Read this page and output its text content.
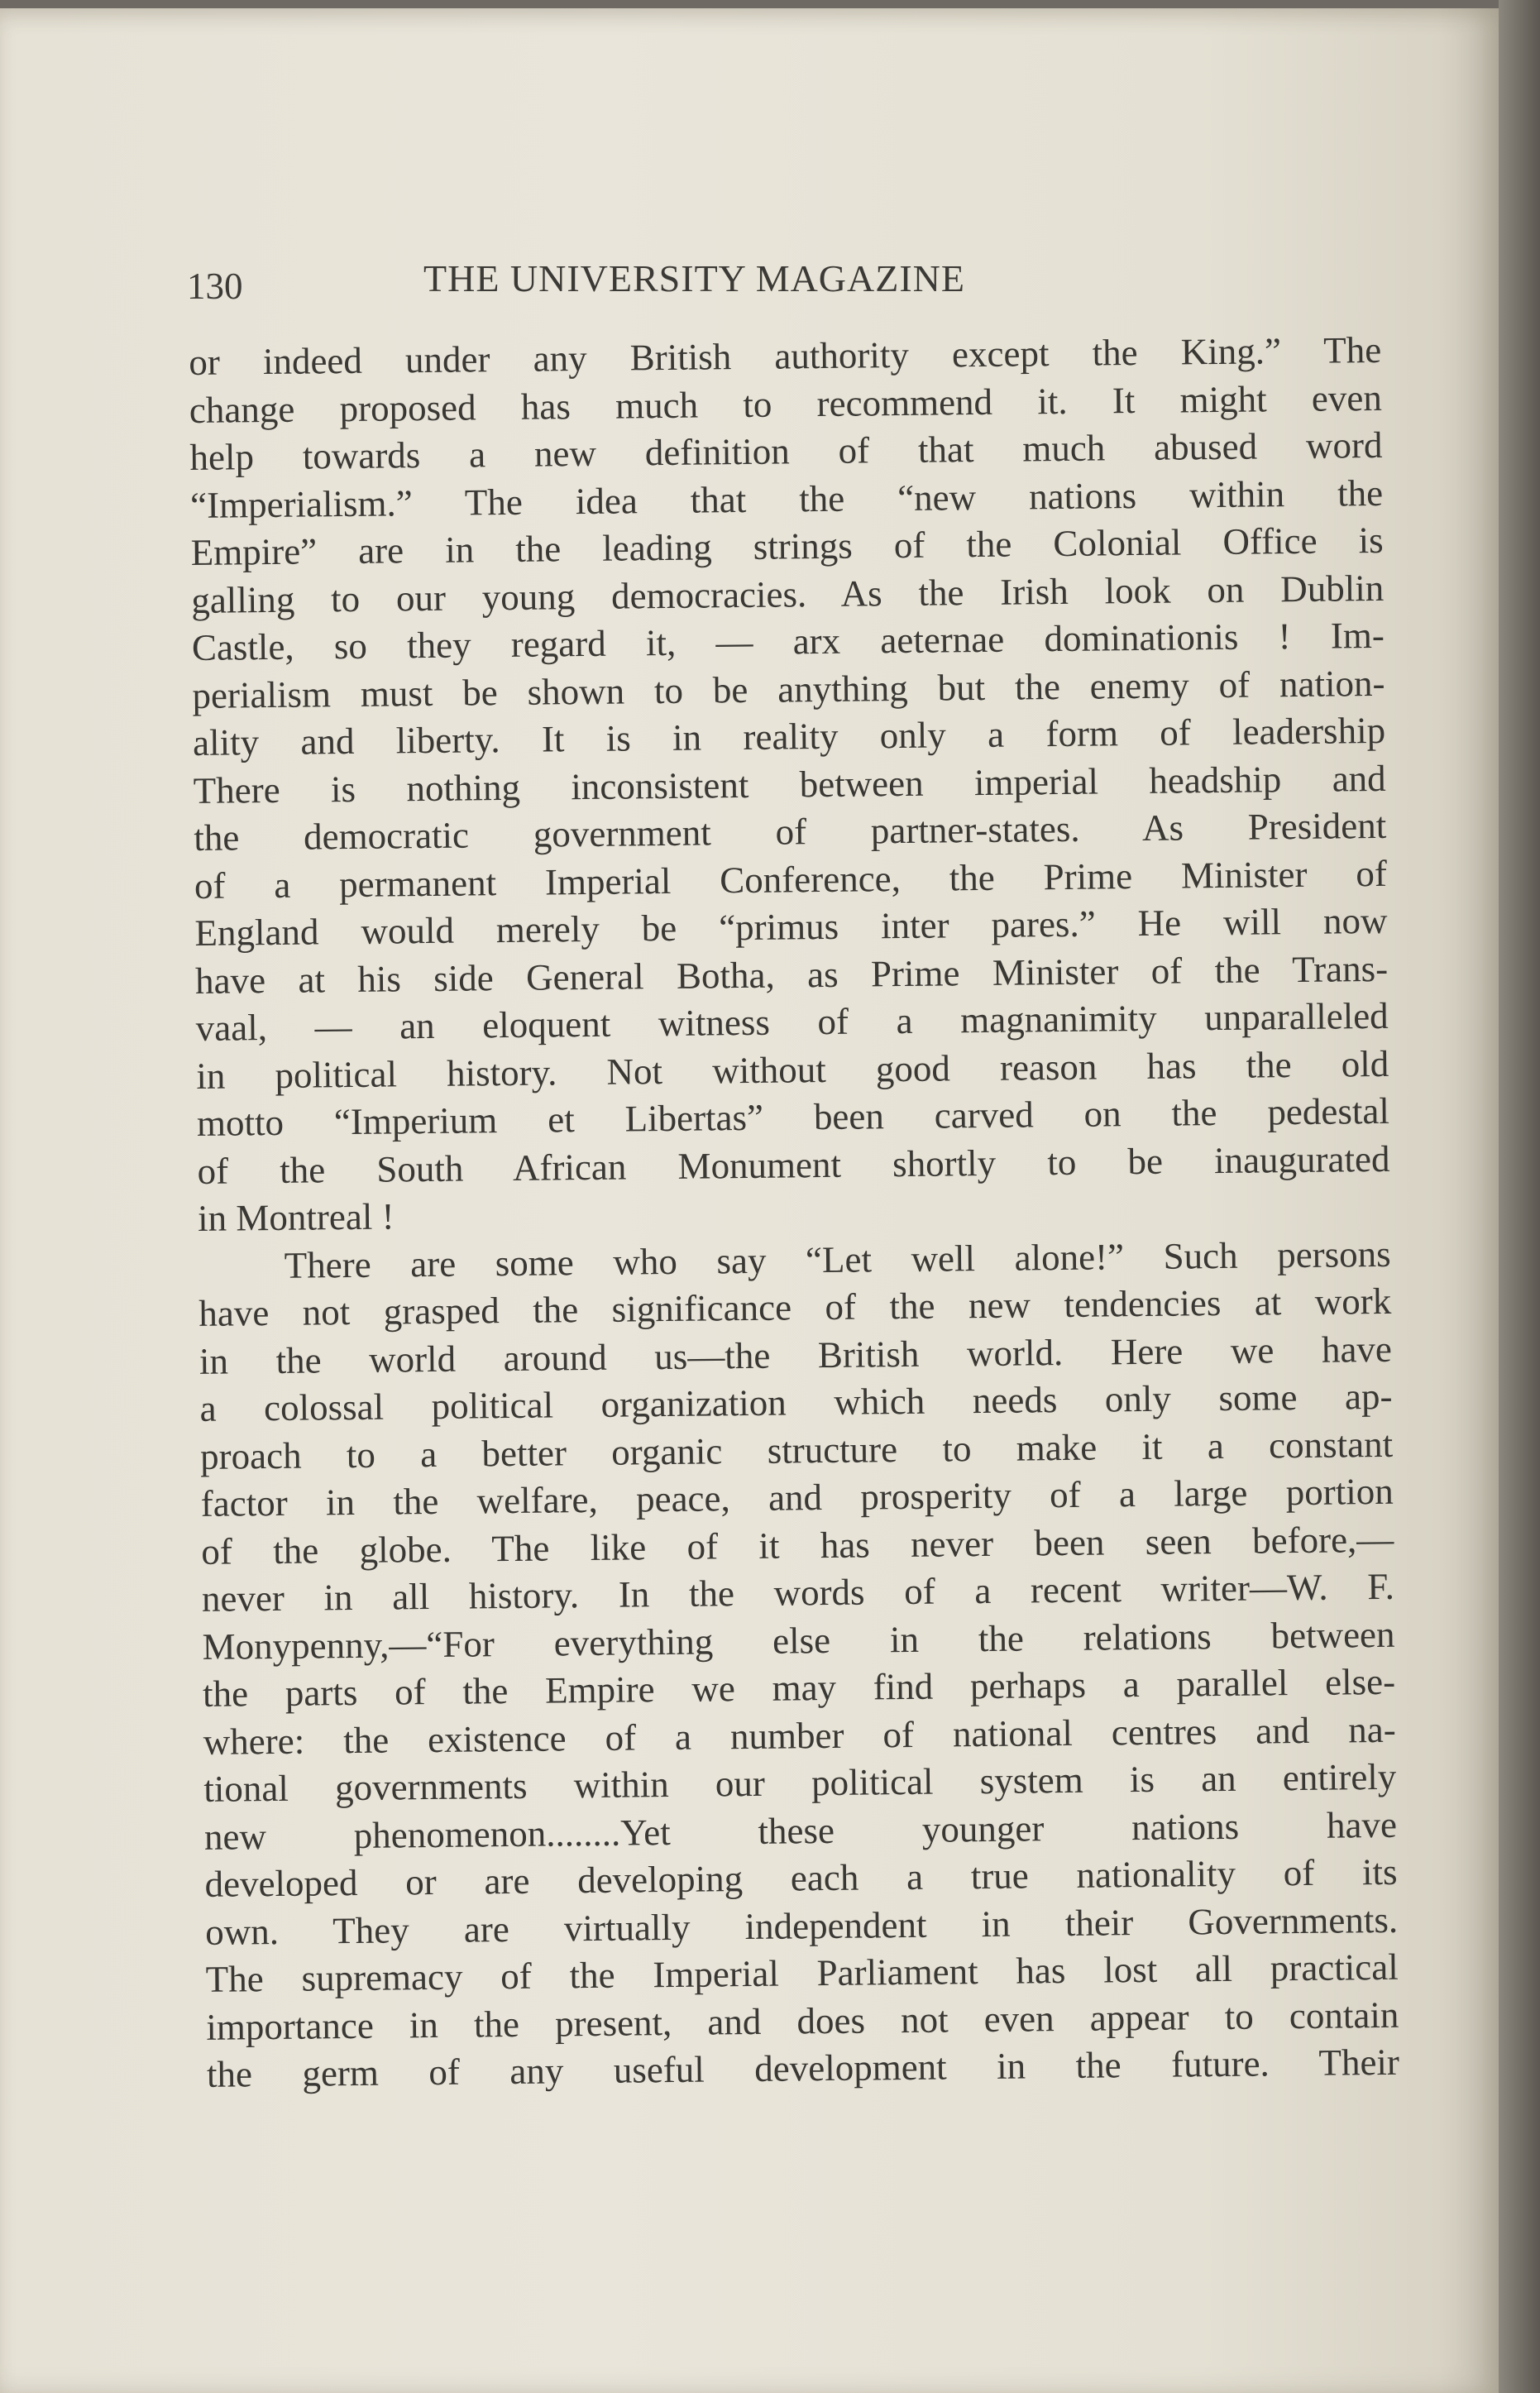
130	THE UNIVERSITY MAGAZINE
or indeed under any British authority except the King.” The
change proposed has much to recommend it. It might even
help towards a new definition of that much abused word
“Imperialism.” The idea that the “new nations within the
Empire” are in the leading strings of the Colonial Office is
galling to our young democracies. As the Irish look on Dublin
Castle, so they regard it, — arx aeternae dominationis ! Im-
perialism must be shown to be anything but the enemy of nation-
ality and liberty. It is in reality only a form of leadership
There is nothing inconsistent between imperial headship and
the democratic government of partner-states. As President
of a permanent Imperial Conference, the Prime Minister of
England would merely be “primus inter pares.” He will now
have at his side General Botha, as Prime Minister of the Trans-
vaal, — an eloquent witness of a magnanimity unparalleled
in political history. Not without good reason has the old
motto “Imperium et Libertas” been carved on the pedestal
of the South African Monument shortly to be inaugurated
in Montreal !
There are some who say “Let well alone!” Such persons
have not grasped the significance of the new tendencies at work
in the world around us—the British world. Here we have
a colossal political organization which needs only some ap-
proach to a better organic structure to make it a constant
factor in the welfare, peace, and prosperity of a large portion
of the globe. The like of it has never been seen before,—
never in all history. In the words of a recent writer—W. F.
Monypenny,—“For everything else in the relations between
the parts of the Empire we may find perhaps a parallel else-
where: the existence of a number of national centres and na-
tional governments within our political system is an entirely
new phenomenon........Yet these younger nations have
developed or are developing each a true nationality of its
own. They are virtually independent in their Governments.
The supremacy of the Imperial Parliament has lost all practical
importance in the present, and does not even appear to contain
the germ of any useful development in the future. Their
